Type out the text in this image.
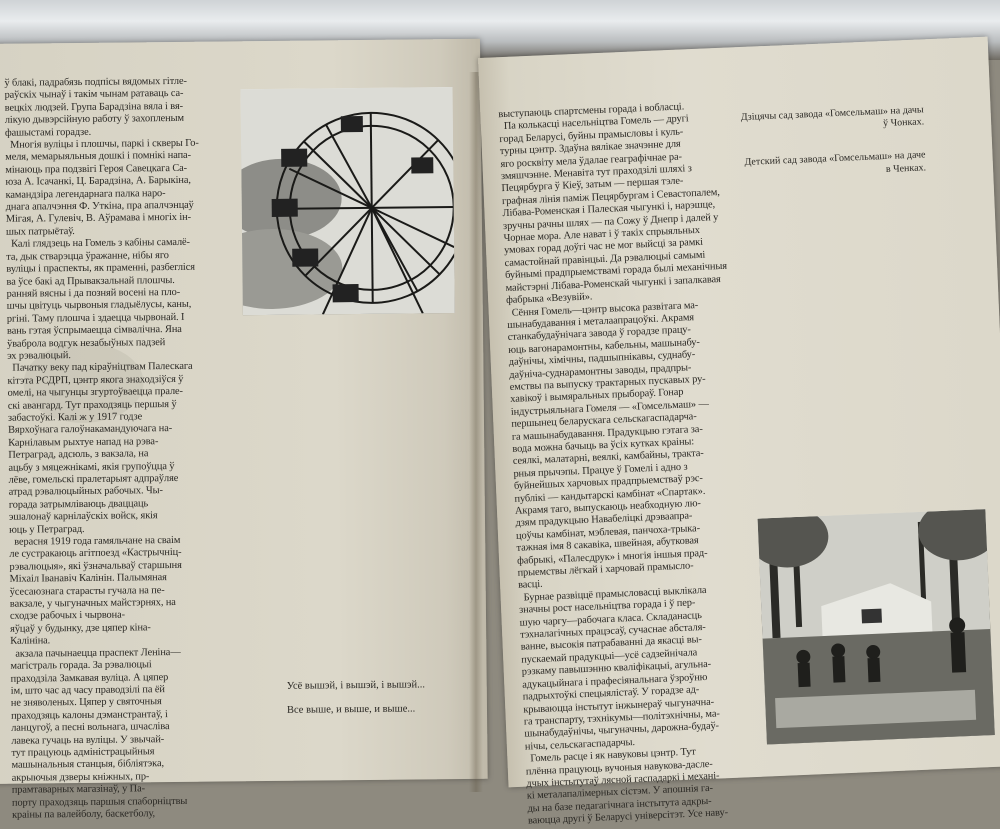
ў блакі, падрабязь подпісы вядомых гітле-
раўскіх чынаў і такім чынам ратаваць са-
вецкіх людзей. Група Барадзіна вяла і вя-
лікую дывэрсійную работу ў захопленым
фашыстамі горадзе.
Многія вуліцы і плошчы, паркі і скверы Го-
меля, мемарыяльныя дошкі і помнікі напа-
мінаюць пра подзвігі Героя Савецкага Са-
юза А. Ісачанкі, Ц. Барадзіна, А. Барыкіна,
камандзіра легендарнага палка наро-
днага апалчэння Ф. Уткіна, пра апалчэнцаў
Мігая, А. Гулевіч, В. Аўрамава і многіх ін-
шых патрыётаў.
Калі глядзець на Гомель з кабіны самалё-
та, дык стварэцца ўражанне, нібы яго
вуліцы і праспекты, як праменні, разбегліся
ва ўсе бакі ад Прывакзальнай плошчы.
ранняй вясны і да позняй восені на пло-
шчы цвітуць чырвоныя гладыёлусы, каны,
ргіні. Таму плошча і здаецца чырвонай. І
вань гэтая ўспрымаецца сімвалічна. Яна
ўваброла водгук незабыўных падзей
эх рэвалюцый.
Пачатку веку пад кіраўніцтвам Палескага
кітэта РСДРП, цэнтр якога знаходзіўся ў
омелі, на чыгунцы згуртоўваецца прале-
скі авангард. Тут праходзяць першыя ў
забастоўкі. Калі ж у 1917 годзе
Вярхоўнага галоўнакамандуючага на-
Карнілавым рыхтуе напад на рэва-
Петраград, адсюль, з вакзала, на
ацьбу з мяцежнікамі, якія групоўцца ў
лёве, гомельскі пралетарыят адпраўляе
атрад рэвалюцыйных рабочых. Чы-
горада затрымліваюць дваццаць
эшалонаў карнілаўскіх войск, якія
юць у Петраград.
верасня 1919 года гамяльчане на сваім
ле сустракаюць агітпоезд «Кастрычніц-
рэвалюцыя», які ўзначальваў старшыня
Міхаіл Іванавіч Калінін. Палымяная
ўсесаюзнага старасты гучала на пе-
вакзале, у чыгуначных майстэрнях, на
сходзе рабочых і чырвона-
яўцаў у будынку, дзе цяпер кіна-
Калініна.
акзала пачынаецца праспект Леніна—
магістраль горада. За рэвалюцыі
праходзіла Замкавая вуліца. А цяпер
ім, што час ад часу праводзілі па ёй
не зняволеных. Цяпер у святочныя
праходзяць калоны дэманстрантаў, і
ланцугоў, а песні вольнага, шчасліва
лавека гучаць на вуліцы. У звычай-
тут працуюць адміністрацыйныя
машынальныя станцыя, бібліятэка,
акрыючыя дзверы кніжных, пр-
прамтаварных магазінаў, у Па-
порту праходзяць паршыя спаборніцтвы
краіны па валейболу, баскетболу,
Усё вышэй, і вышэй, і вышэй...
Все выше, и выше, и выше...
выступаюць спартсмены горада і вобласці.
Па колькасці насельніцтва Гомель — другі
горад Беларусі, буйны прамысловы і куль-
турны цэнтр. Здаўна вялікае значэнне для
яго росквіту мела ўдалае геаграфічнае ра-
змяшчэнне. Менавіта тут праходзілі шляхі з
Пецярбурга ў Кіеў, затым — першая тэле-
графная лінія паміж Пецярбургам і Севастопалем,
Лібава-Роменская і Палеская чыгункі і, нарэшце,
зручны рачны шлях — па Сожу ў Днепр і далей у
Чорнае мора. Але нават і ў такіх спрыяльных
умовах горад доўгі час не мог выйсці за рамкі
самастойнай правінцыі. Да рэвалюцыі самымі
буйнымі прадпрыемствамі горада былі механічныя
майстэрні Лібава-Роменскай чыгункі і запалкавая
фабрыка «Везувій».
Сёння Гомель—цэнтр высока развітага ма-
шынабудавання і металаапрацоўкі. Акрамя
станкабудаўнічага завода ў горадзе працу-
юць вагонарамонтны, кабельны, машынабу-
даўнічы, хімічны, падшыпнікавы, суднабу-
даўніча-суднарамонтны заводы, прадпры-
емствы па выпуску трактарных пускавых ру-
хавікоў і вымяральных прыбораў. Гонар
індустрыяльнага Гомеля — «Гомсельмаш» —
першынец беларускага сельскагаспадарча-
га машынабудавання. Прадукцыю гэтага за-
вода можна бачыць ва ўсіх кутках краіны:
сеялкі, малатарні, веялкі, камбайны, тракта-
рныя прычэпы. Працуе ў Гомелі і адно з
буйнейшых харчовых прадпрыемстваў рэс-
публікі — кандытарскі камбінат «Спартак».
Акрамя таго, выпускаюць неабходную лю-
дзям прадукцыю Навабеліцкі дрэваапра-
цоўчы камбінат, мэблевая, панчоха-трыка-
тажная імя 8 сакавіка, швейная, абутковая
фабрыкі, «Палесдрук» і многія іншыя прад-
прыемствы лёгкай і харчовай прамысло-
васці.
Бурнае развіццё прамысловасці выклікала
значны рост насельніцтва горада і ў пер-
шую чаргу—рабочага класа. Складанасць
тэхналагічных працэсаў, сучаснае абсталя-
ванне, высокія патрабаванні да якасці вы-
пускаемай прадукцыі—усё садзейнічала
рэзкаму павышэнню кваліфікацыі, агульна-
адукацыйнага і прафесіянальнага ўзроўню
падрыхтоўкі спецыялістаў. У горадзе ад-
крываюцца інстытут інжынераў чыгуначна-
га транспарту, тэхнікумы—політэхнічны, ма-
шынабудаўнічы, чыгуначны, дарожна-будаў-
нічы, сельскагаспадарчы.
Гомель расце і як навуковы цэнтр. Тут
плённа працуюць вучоныя навукова-дасле-
дчых інстытутаў лясной гаспадаркі і механі-
кі металапалімерных сістэм. У апошнія га-
ды на базе педагагічнага інстытута адкры-
ваюцца другі ў Беларусі універсітэт. Усе наву-

Дзіцячы сад завода «Гомсельмаш» на дачы
ў Чонках.

Детский сад завода «Гомсельмаш» на даче
в Ченках.
